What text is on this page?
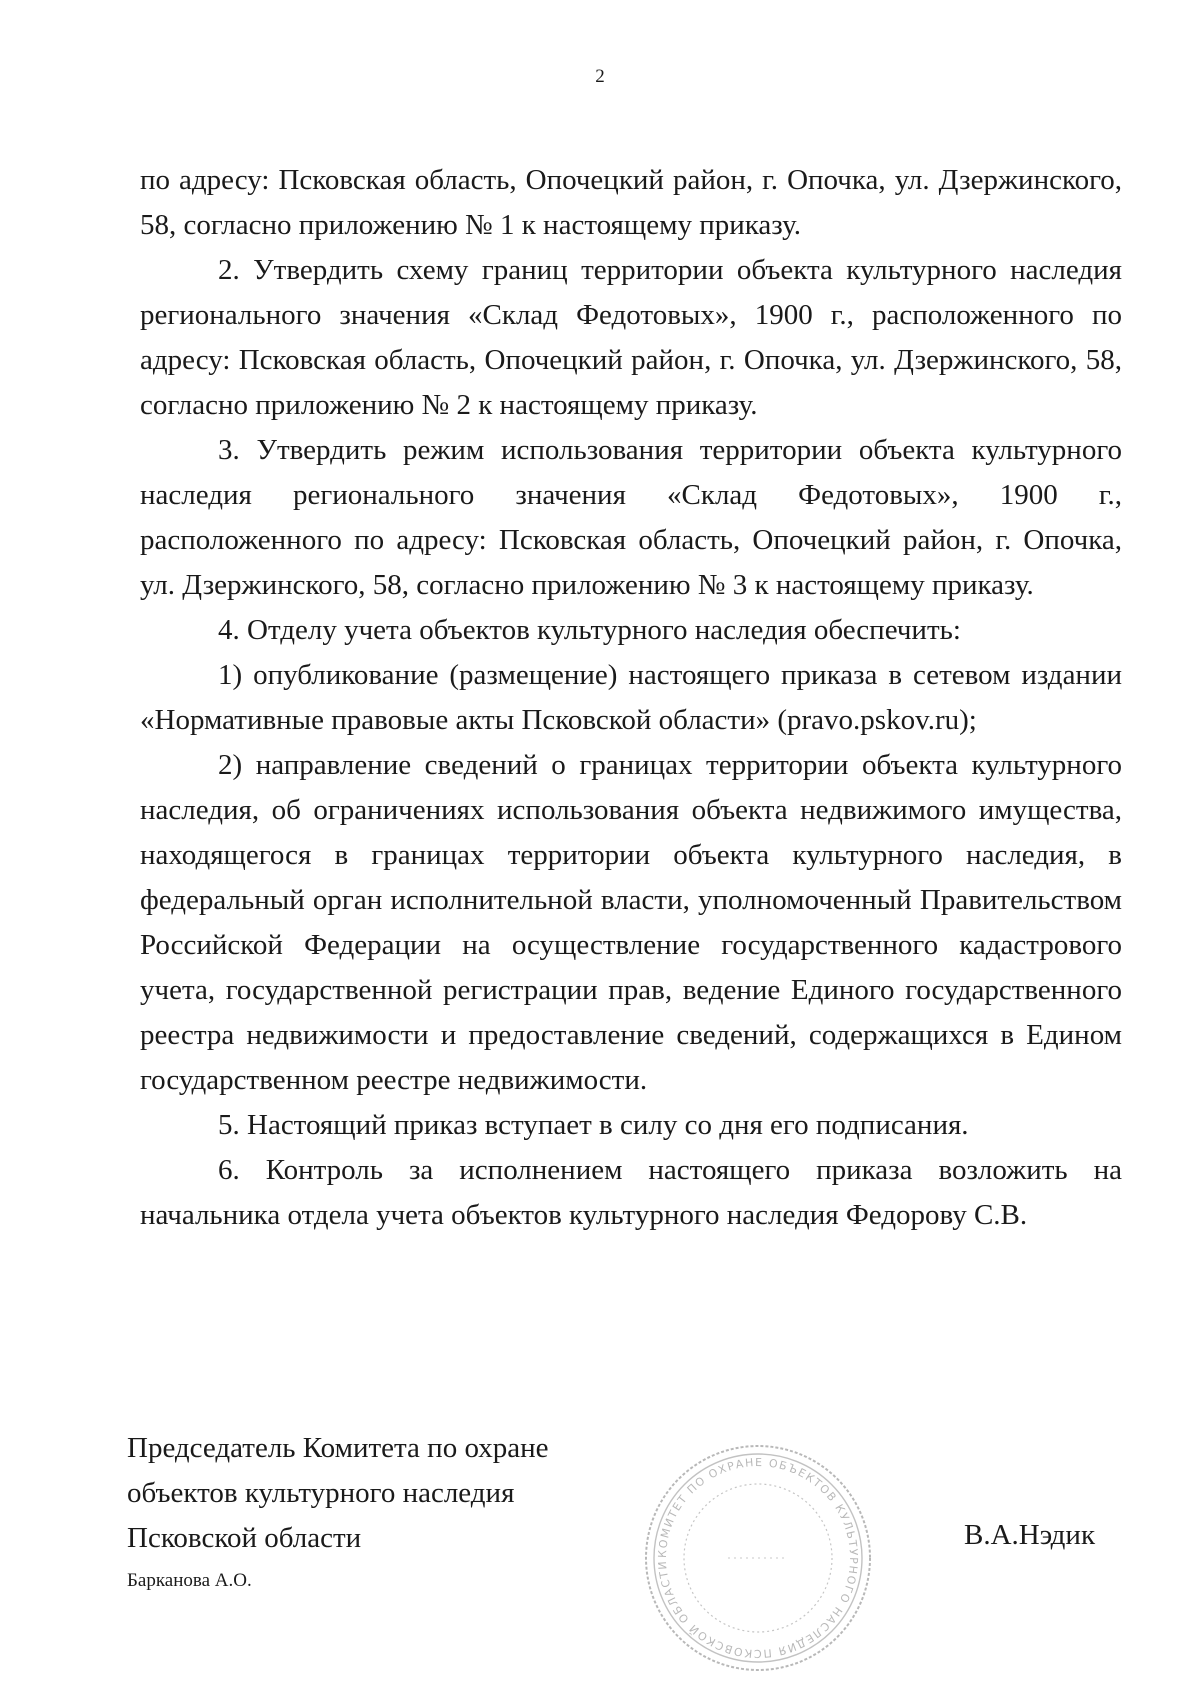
2

по адресу: Псковская область, Опочецкий район, г. Опочка, ул. Дзержинского, 58, согласно приложению № 1 к настоящему приказу.

2. Утвердить схему границ территории объекта культурного наследия регионального значения «Склад Федотовых», 1900 г., расположенного по адресу: Псковская область, Опочецкий район, г. Опочка, ул. Дзержинского, 58, согласно приложению № 2 к настоящему приказу.

3. Утвердить режим использования территории объекта культурного наследия регионального значения «Склад Федотовых», 1900 г., расположенного по адресу: Псковская область, Опочецкий район, г. Опочка, ул. Дзержинского, 58, согласно приложению № 3 к настоящему приказу.

4. Отделу учета объектов культурного наследия обеспечить:

1) опубликование (размещение) настоящего приказа в сетевом издании «Нормативные правовые акты Псковской области» (pravo.pskov.ru);

2) направление сведений о границах территории объекта культурного наследия, об ограничениях использования объекта недвижимого имущества, находящегося в границах территории объекта культурного наследия, в федеральный орган исполнительной власти, уполномоченный Правительством Российской Федерации на осуществление государственного кадастрового учета, государственной регистрации прав, ведение Единого государственного реестра недвижимости и предоставление сведений, содержащихся в Едином государственном реестре недвижимости.

5. Настоящий приказ вступает в силу со дня его подписания.

6. Контроль за исполнением настоящего приказа возложить на начальника отдела учета объектов культурного наследия Федорову С.В.

Председатель Комитета по охране
объектов культурного наследия
Псковской области
Барканова А.О.
В.А.Нэдик
КОМИТЕТ ПО ОХРАНЕ ОБЪЕКТОВ КУЛЬТУРНОГО НАСЛЕДИЯ ПСКОВСКОЙ ОБЛАСТИ
